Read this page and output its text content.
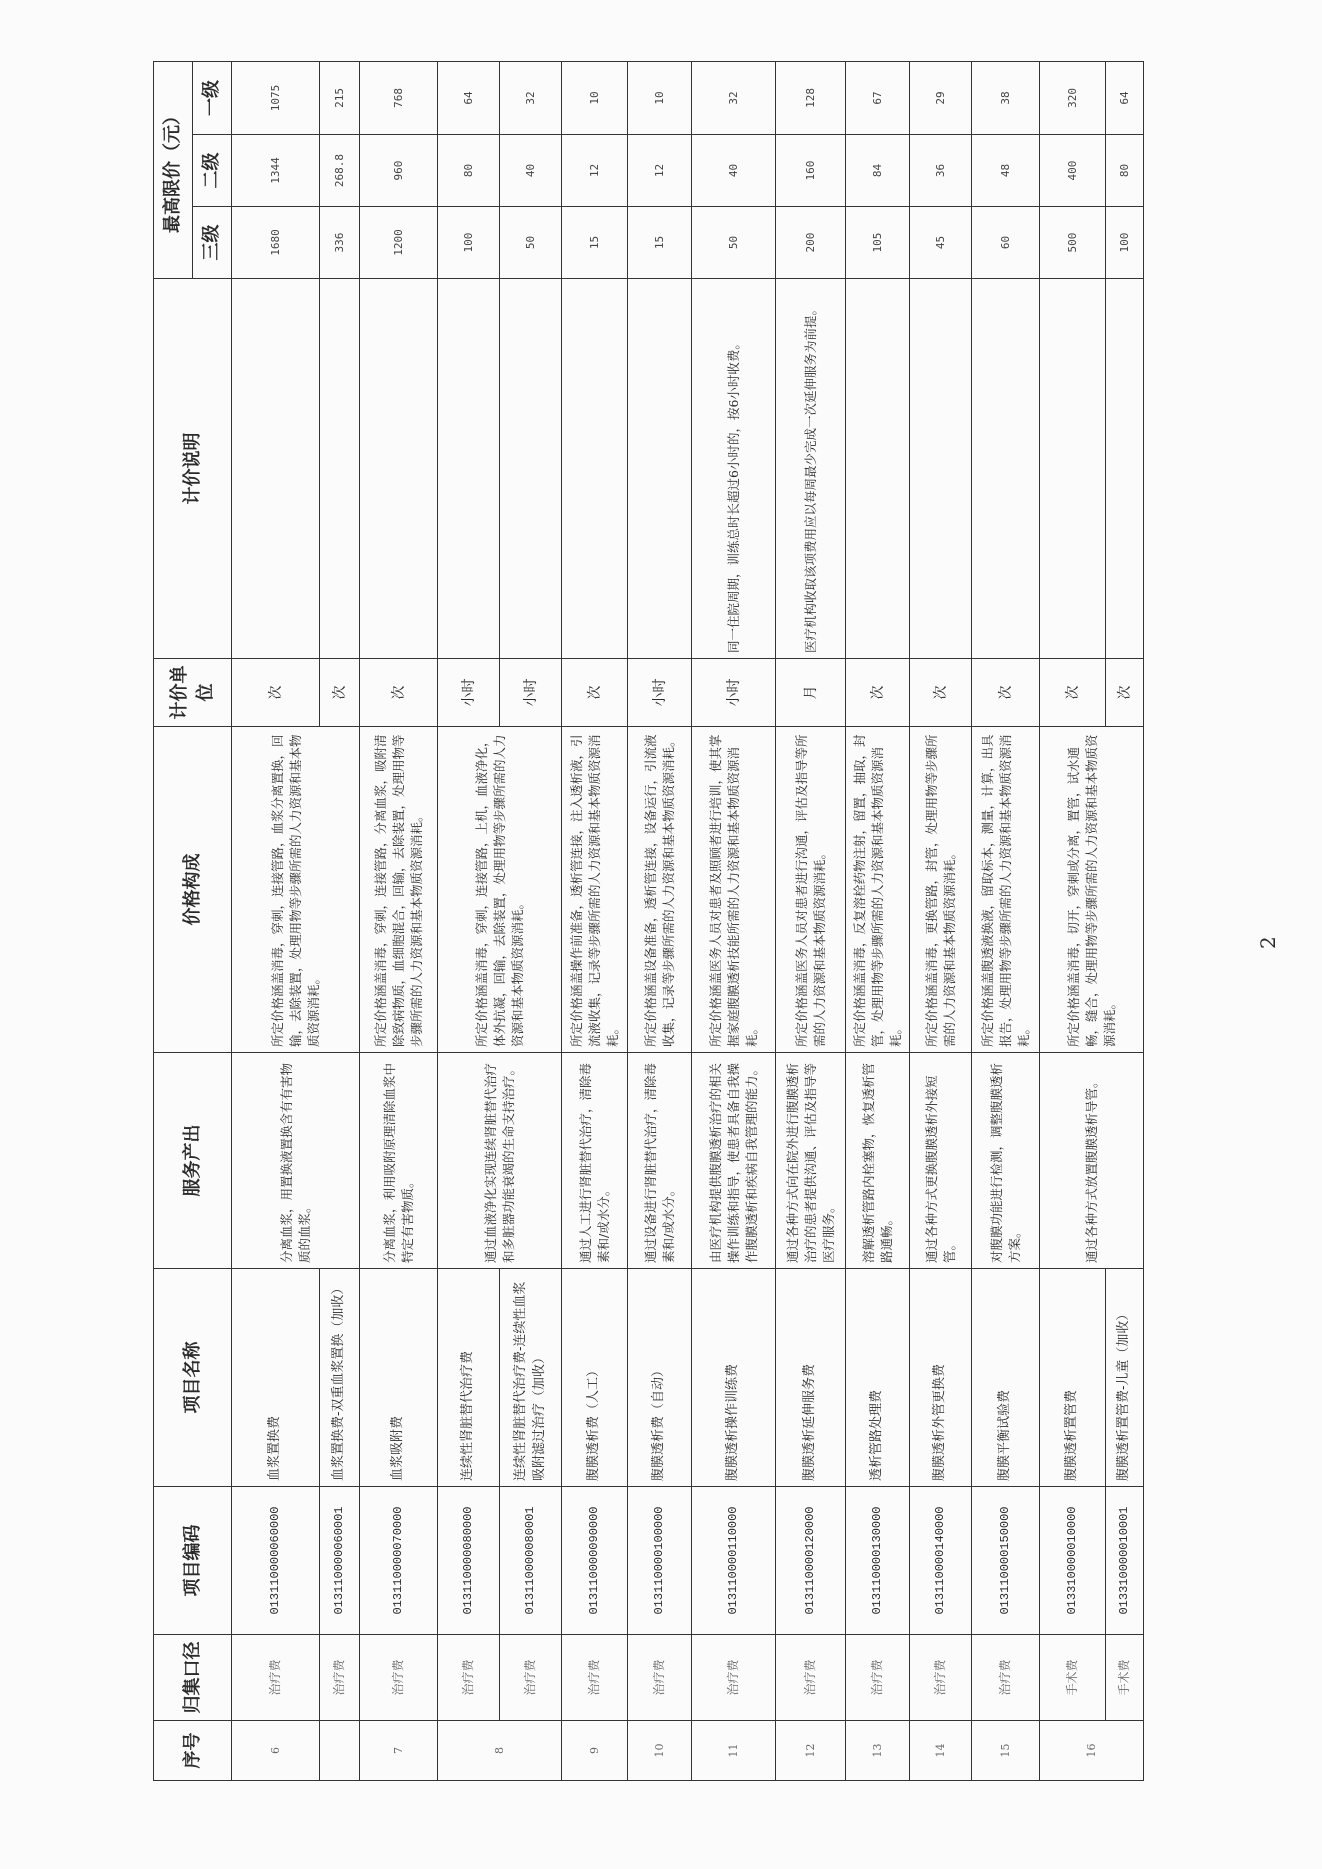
序号	归集口径	项目编码	项目名称	服务产出	价格构成	计价单位	计价说明	最高限价（元）		
								三级	二级	一级
6	治疗费	013110000060000	血浆置换费	分离血浆，用置换液置换含有有害物质的血浆。	所定价格涵盖消毒，穿刺，连接管路，血浆分离置换，回输，去除装置，处理用物等步骤所需的人力资源和基本物质资源消耗。	次		1680	1344	1075
	治疗费	013110000060001	血浆置换费-双重血浆置换（加收）			次		336	268.8	215
7	治疗费	013110000070000	血浆吸附费	分离血浆，利用吸附原理清除血浆中特定有害物质。	所定价格涵盖消毒，穿刺，连接管路，分离血浆，吸附清除致病物质，血细胞混合，回输，去除装置，处理用物等步骤所需的人力资源和基本物质资源消耗。	次		1200	960	768
8	治疗费	013110000080000	连续性肾脏替代治疗费	通过血液净化实现连续肾脏替代治疗和多脏器功能衰竭的生命支持治疗。	所定价格涵盖消毒，穿刺，连接管路，上机，血液净化，体外抗凝，回输，去除装置，处理用物等步骤所需的人力资源和基本物质资源消耗。	小时		100	80	64
	治疗费	013110000080001	连续性肾脏替代治疗费-连续性血浆吸附滤过治疗（加收）			小时		50	40	32
9	治疗费	013110000090000	腹膜透析费（人工）	通过人工进行肾脏替代治疗，清除毒素和/或水分。	所定价格涵盖操作前准备，透析管连接，注入透析液，引流液收集，记录等步骤所需的人力资源和基本物质资源消耗。	次		15	12	10
10	治疗费	013110000100000	腹膜透析费（自动）	通过设备进行肾脏替代治疗，清除毒素和/或水分。	所定价格涵盖设备准备，透析管连接，设备运行，引流液收集，记录等步骤所需的人力资源和基本物质资源消耗。	小时		15	12	10
11	治疗费	013110000110000	腹膜透析操作训练费	由医疗机构提供腹膜透析治疗的相关操作训练和指导，使患者具备自我操作腹膜透析和疾病自我管理的能力。	所定价格涵盖医务人员对患者及照顾者进行培训，使其掌握家庭腹膜透析技能所需的人力资源和基本物质资源消耗。	小时	同一住院周期，训练总时长超过6小时的，按6小时收费。	50	40	32
12	治疗费	013110000120000	腹膜透析延伸服务费	通过各种方式向在院外进行腹膜透析治疗的患者提供沟通、评估及指导等医疗服务。	所定价格涵盖医务人员对患者进行沟通，评估及指导等所需的人力资源和基本物质资源消耗。	月	医疗机构收取该项费用应以每周最少完成一次延伸服务为前提。	200	160	128
13	治疗费	013110000130000	透析管路处理费	溶解透析管路内栓塞物，恢复透析管路通畅。	所定价格涵盖消毒，反复溶栓药物注射，留置，抽取，封管，处理用物等步骤所需的人力资源和基本物质资源消耗。	次		105	84	67
14	治疗费	013110000140000	腹膜透析外管更换费	通过各种方式更换腹膜透析外接短管。	所定价格涵盖消毒，更换管路，封管，处理用物等步骤所需的人力资源和基本物质资源消耗。	次		45	36	29
15	治疗费	013110000150000	腹膜平衡试验费	对腹膜功能进行检测，调整腹膜透析方案。	所定价格涵盖腹透液换液，留取标本，测量，计算，出具报告，处理用物等步骤所需的人力资源和基本物质资源消耗。	次		60	48	38
16	手术费	013310000010000	腹膜透析置管费	通过各种方式放置腹膜透析导管。	所定价格涵盖消毒，切开，穿刺或分离，置管，试水通畅，缝合，处理用物等步骤所需的人力资源和基本物质资源消耗。	次		500	400	320
	手术费	013310000010001	腹膜透析置管费-儿童（加收）			次		100	80	64
2
